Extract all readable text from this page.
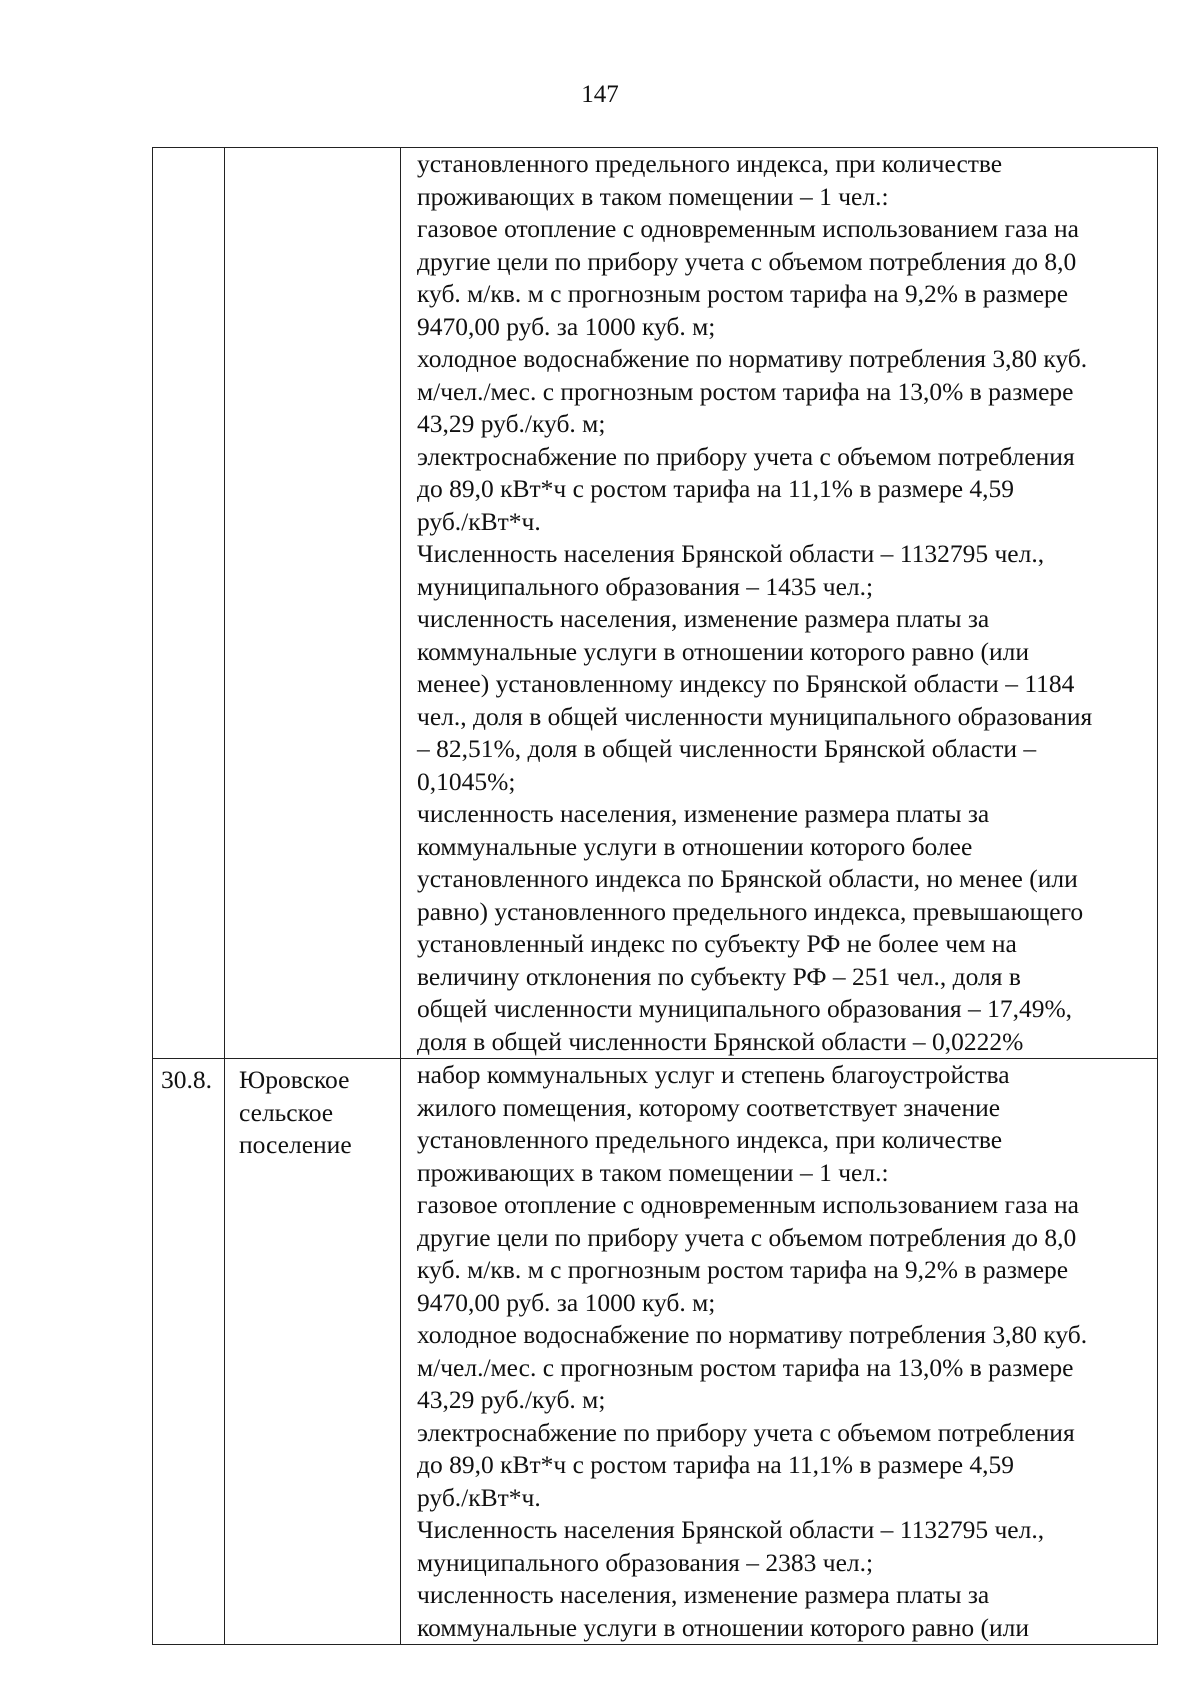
147
установленного предельного индекса, при количестве
проживающих в таком помещении – 1 чел.:
газовое отопление с одновременным использованием газа на
другие цели по прибору учета с объемом потребления до 8,0
куб. м/кв. м с прогнозным ростом тарифа на 9,2% в размере
9470,00 руб. за 1000 куб. м;
холодное водоснабжение по нормативу потребления 3,80 куб.
м/чел./мес. с прогнозным ростом тарифа на 13,0% в размере
43,29 руб./куб. м;
электроснабжение по прибору учета с объемом потребления
до 89,0 кВт*ч с ростом тарифа на 11,1% в размере 4,59
руб./кВт*ч.
Численность населения Брянской области – 1132795 чел.,
муниципального образования – 1435 чел.;
численность населения, изменение размера платы за
коммунальные услуги в отношении которого равно (или
менее) установленному индексу по Брянской области – 1184
чел., доля в общей численности муниципального образования
– 82,51%, доля в общей численности Брянской области –
0,1045%;
численность населения, изменение размера платы за
коммунальные услуги в отношении которого более
установленного индекса по Брянской области, но менее (или
равно) установленного предельного индекса, превышающего
установленный индекс по субъекту РФ не более чем на
величину отклонения по субъекту РФ – 251 чел., доля в
общей численности муниципального образования – 17,49%,
доля в общей численности Брянской области – 0,0222%
30.8.	Юровское
сельское
поселение
набор коммунальных услуг и степень благоустройства
жилого помещения, которому соответствует значение
установленного предельного индекса, при количестве
проживающих в таком помещении – 1 чел.:
газовое отопление с одновременным использованием газа на
другие цели по прибору учета с объемом потребления до 8,0
куб. м/кв. м с прогнозным ростом тарифа на 9,2% в размере
9470,00 руб. за 1000 куб. м;
холодное водоснабжение по нормативу потребления 3,80 куб.
м/чел./мес. с прогнозным ростом тарифа на 13,0% в размере
43,29 руб./куб. м;
электроснабжение по прибору учета с объемом потребления
до 89,0 кВт*ч с ростом тарифа на 11,1% в размере 4,59
руб./кВт*ч.
Численность населения Брянской области – 1132795 чел.,
муниципального образования – 2383 чел.;
численность населения, изменение размера платы за
коммунальные услуги в отношении которого равно (или
